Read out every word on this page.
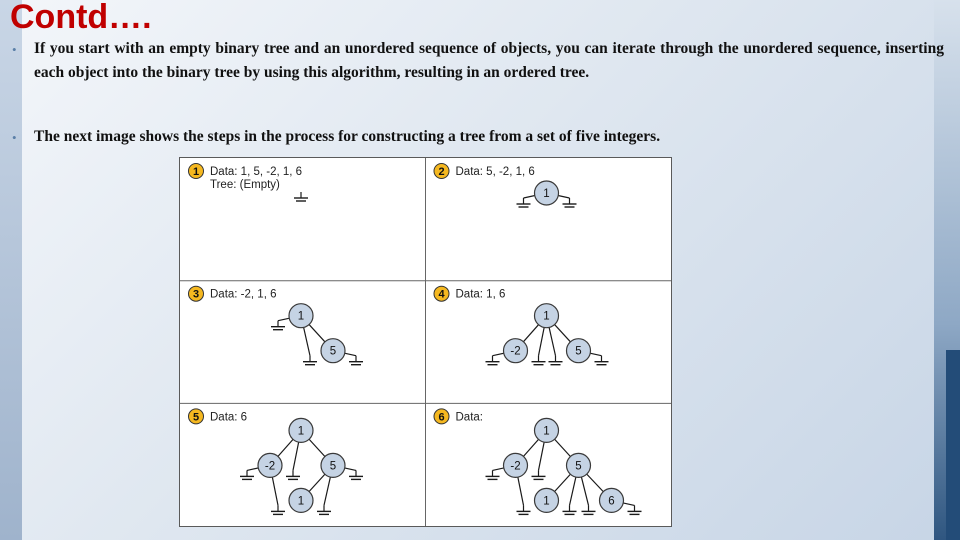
Contd….
• If you start with an empty binary tree and an unordered sequence of objects, you can iterate through the unordered sequence, inserting each object into the binary tree by using this algorithm, resulting in an ordered tree.

• The next image shows the steps in the process for constructing a tree from a set of five integers.

1 Data: 1, 5, -2, 1, 6
Tree: (Empty)
2 Data: 5, -2, 1, 6
1
3 Data: -2, 1, 6
1
5
4 Data: 1, 6
1
-2	5
5 Data: 6
1
-2	5
1
6 Data:
1
-2	5
1	6
